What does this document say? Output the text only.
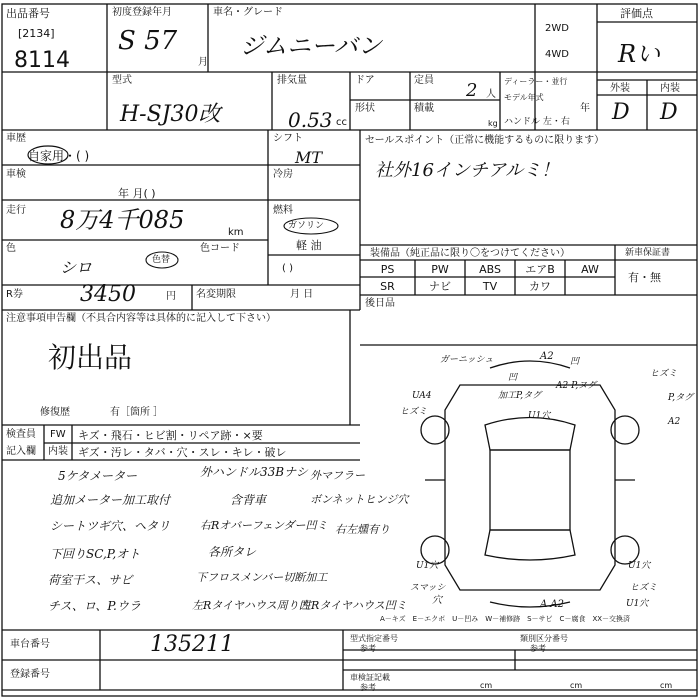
出品番号
[2134]
8114
初度登録年月
S 57
月
車名・グレード
ジムニーバン
2WD
4WD
評価点
R​い
外装	内装
D D
型式
H-SJ30改
排気量
0.53 cc
ドア	定員 2 人
ディーラー・並行
モデル年式
年
形状	積載
kg ハンドル 左・右
車歴
自家用・( )
シフト
MT
車検
年 月( )
冷房
走行 8万4千085	km
燃料
ガソリン
軽 油
( )
色
シロ	色替
色コード
R券	3450	円 名変期限	月 日
セールスポイント（正常に機能するものに限ります）
社外16インチアルミ！
装備品（純正品に限り〇をつけてください）	新車保証書
有・無
PS	PW	ABS	エアB	AW
SR	ナビ	TV	カワ
後日品
注意事項申告欄（不具合内容等は具体的に記入して下さい）
初出品
修復歴	有［箇所 ］
検査員
記入欄
FW キズ・飛石・ヒビ割・リペア跡・×要
内装 ギズ・汚レ・タバ・穴・スレ・キレ・破レ
5ケタメーター	外ハンドル33Bナシ 外マフラー
追加メーター加工取付	含背車	ボンネットヒンジ穴
シートツギ穴、ヘタリ	右Rオバーフェンダー凹ミ 右左燻有り
下回りSC,P,オト	各所タレ
荷室干ス、サビ	下フロスメンバー切断加工
チス、ロ、P.ウラ	左Rタイヤハウス周り凹
左Rタイヤハウス凹ミ
ガーニッシュ	A2 凹
ヒズミ
凹
加工P,タグ
A2 P,ヌグ
U1穴
UA4
ヒズミ
P,タグ
A2
U1穴
スマッシ
穴
U1穴
ヒズミ
U1穴
A A2
A－キズ　E－エクボ　U－凹み　W－補修跡　S－サビ　C－腐食　XX－交換済
車台番号	135211
登録番号
型式指定番号
参考
類別区分番号
参考
車検証記載
参考	cm	cm	cm
